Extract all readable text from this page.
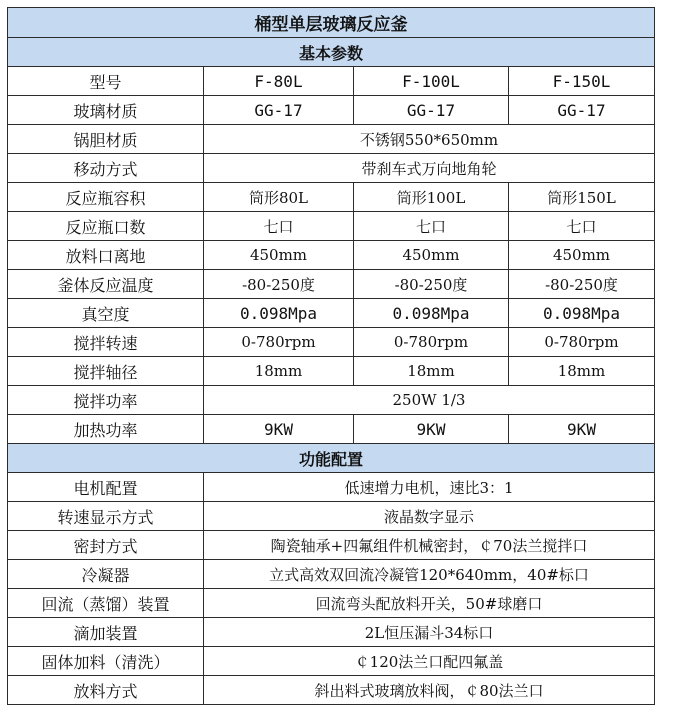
桶型单层玻璃反应釜			
基本参数			
型号	F-80L	F-100L	F-150L
玻璃材质	GG-17	GG-17	GG-17
锅胆材质	不锈钢550*650mm		
移动方式	带刹车式万向地角轮		
反应瓶容积	筒形80L	筒形100L	筒形150L
反应瓶口数	七口	七口	七口
放料口离地	450mm	450mm	450mm
釜体反应温度	-80-250度	-80-250度	-80-250度
真空度	0.098Mpa	0.098Mpa	0.098Mpa
搅拌转速	0-780rpm	0-780rpm	0-780rpm
搅拌轴径	18mm	18mm	18mm
搅拌功率	250W 1/3		
加热功率	9KW	9KW	9KW
功能配置			
电机配置	低速增力电机，速比3：1		
转速显示方式	液晶数字显示		
密封方式	陶瓷轴承+四氟组件机械密封，￠70法兰搅拌口		
冷凝器	立式高效双回流冷凝管120*640mm，40#标口		
回流（蒸馏）装置	回流弯头配放料开关，50#球磨口		
滴加装置	2L恒压漏斗34标口		
固体加料（清洗）	￠120法兰口配四氟盖		
放料方式	斜出料式玻璃放料阀，￠80法兰口		
